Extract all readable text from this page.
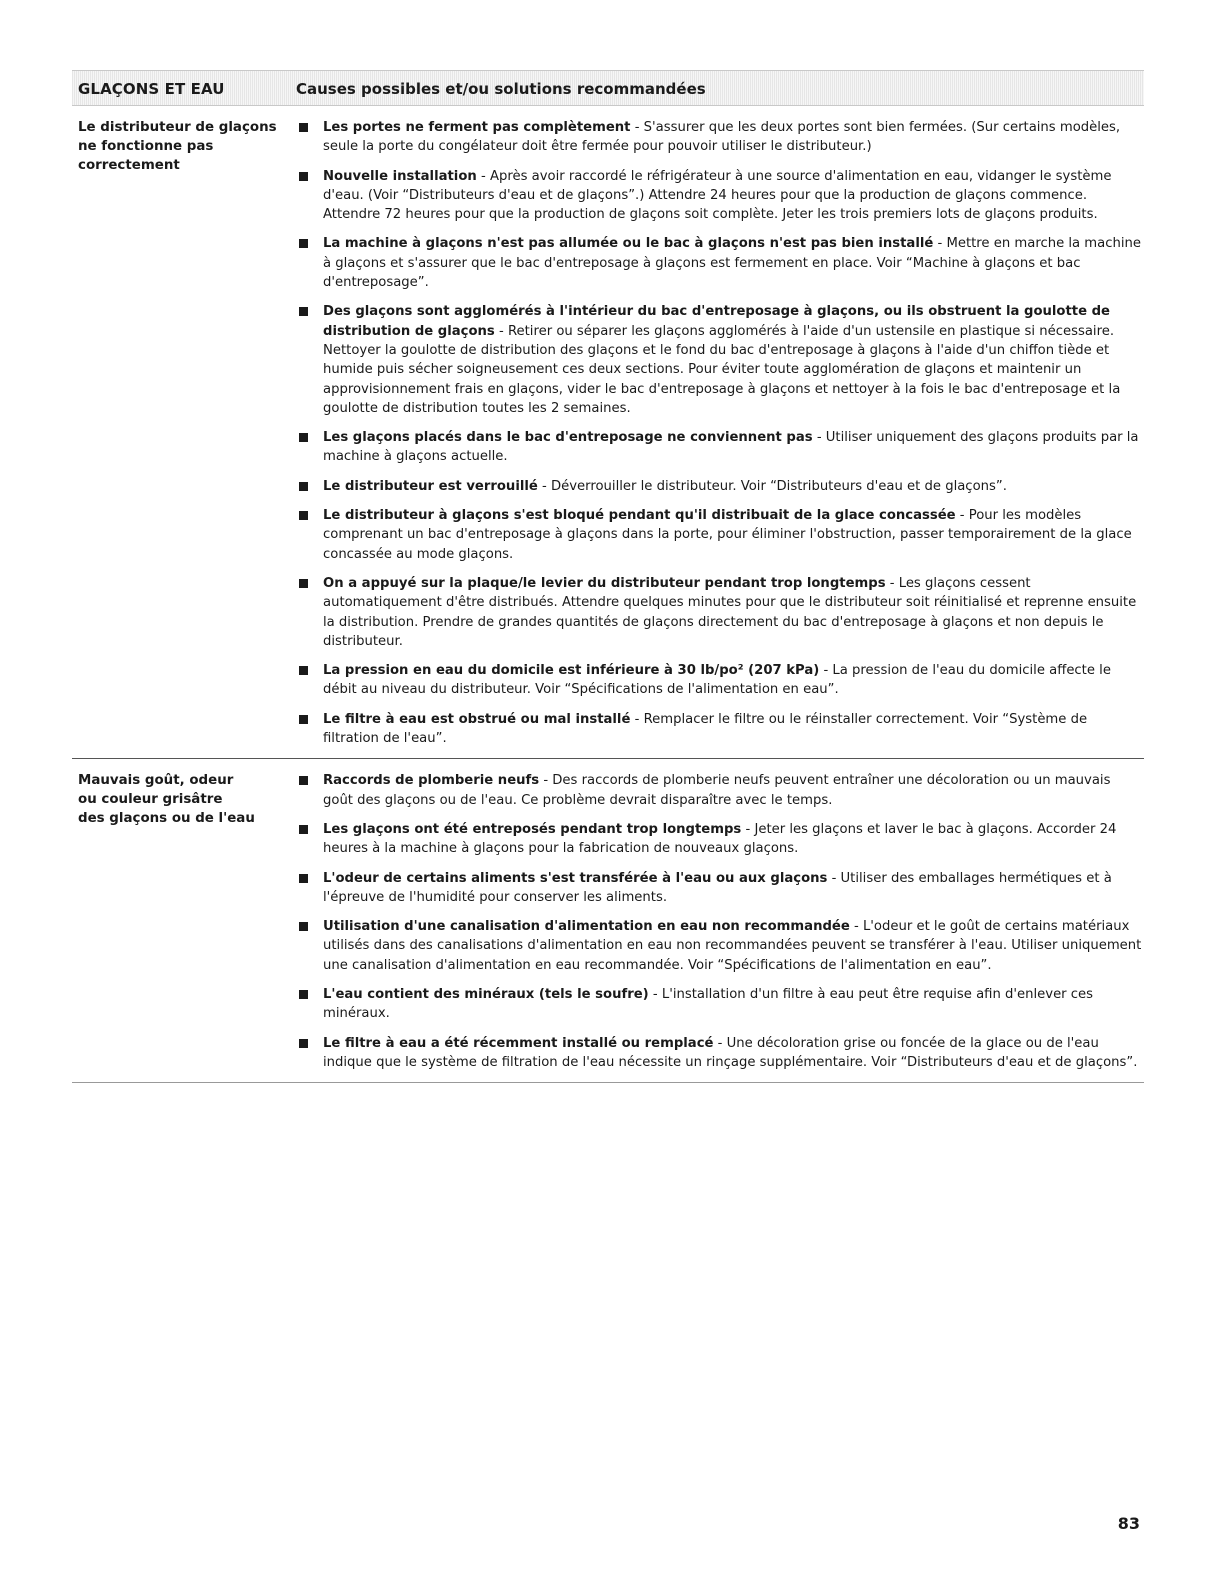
GLAÇONS ET EAU	Causes possibles et/ou solutions recommandées
Le distributeur de glaçons
ne fonctionne pas
correctement
Les portes ne ferment pas complètement - S'assurer que les deux portes sont bien fermées. (Sur certains modèles, seule la porte du congélateur doit être fermée pour pouvoir utiliser le distributeur.)
Nouvelle installation - Après avoir raccordé le réfrigérateur à une source d'alimentation en eau, vidanger le système d'eau. (Voir “Distributeurs d'eau et de glaçons”.) Attendre 24 heures pour que la production de glaçons commence. Attendre 72 heures pour que la production de glaçons soit complète. Jeter les trois premiers lots de glaçons produits.
La machine à glaçons n'est pas allumée ou le bac à glaçons n'est pas bien installé - Mettre en marche la machine à glaçons et s'assurer que le bac d'entreposage à glaçons est fermement en place. Voir “Machine à glaçons et bac d'entreposage”.
Des glaçons sont agglomérés à l'intérieur du bac d'entreposage à glaçons, ou ils obstruent la goulotte de distribution de glaçons - Retirer ou séparer les glaçons agglomérés à l'aide d'un ustensile en plastique si nécessaire. Nettoyer la goulotte de distribution des glaçons et le fond du bac d'entreposage à glaçons à l'aide d'un chiffon tiède et humide puis sécher soigneusement ces deux sections. Pour éviter toute agglomération de glaçons et maintenir un approvisionnement frais en glaçons, vider le bac d'entreposage à glaçons et nettoyer à la fois le bac d'entreposage et la goulotte de distribution toutes les 2 semaines.
Les glaçons placés dans le bac d'entreposage ne conviennent pas - Utiliser uniquement des glaçons produits par la machine à glaçons actuelle.
Le distributeur est verrouillé - Déverrouiller le distributeur. Voir “Distributeurs d'eau et de glaçons”.
Le distributeur à glaçons s'est bloqué pendant qu'il distribuait de la glace concassée - Pour les modèles comprenant un bac d'entreposage à glaçons dans la porte, pour éliminer l'obstruction, passer temporairement de la glace concassée au mode glaçons.
On a appuyé sur la plaque/le levier du distributeur pendant trop longtemps - Les glaçons cessent automatiquement d'être distribués. Attendre quelques minutes pour que le distributeur soit réinitialisé et reprenne ensuite la distribution. Prendre de grandes quantités de glaçons directement du bac d'entreposage à glaçons et non depuis le distributeur.
La pression en eau du domicile est inférieure à 30 lb/po² (207 kPa) - La pression de l'eau du domicile affecte le débit au niveau du distributeur. Voir “Spécifications de l'alimentation en eau”.
Le filtre à eau est obstrué ou mal installé - Remplacer le filtre ou le réinstaller correctement. Voir “Système de filtration de l'eau”.
Mauvais goût, odeur
ou couleur grisâtre
des glaçons ou de l'eau
Raccords de plomberie neufs - Des raccords de plomberie neufs peuvent entraîner une décoloration ou un mauvais goût des glaçons ou de l'eau. Ce problème devrait disparaître avec le temps.
Les glaçons ont été entreposés pendant trop longtemps - Jeter les glaçons et laver le bac à glaçons. Accorder 24 heures à la machine à glaçons pour la fabrication de nouveaux glaçons.
L'odeur de certains aliments s'est transférée à l'eau ou aux glaçons - Utiliser des emballages hermétiques et à l'épreuve de l'humidité pour conserver les aliments.
Utilisation d'une canalisation d'alimentation en eau non recommandée - L'odeur et le goût de certains matériaux utilisés dans des canalisations d'alimentation en eau non recommandées peuvent se transférer à l'eau. Utiliser uniquement une canalisation d'alimentation en eau recommandée. Voir “Spécifications de l'alimentation en eau”.
L'eau contient des minéraux (tels le soufre) - L'installation d'un filtre à eau peut être requise afin d'enlever ces minéraux.
Le filtre à eau a été récemment installé ou remplacé - Une décoloration grise ou foncée de la glace ou de l'eau indique que le système de filtration de l'eau nécessite un rinçage supplémentaire. Voir “Distributeurs d'eau et de glaçons”.
83
